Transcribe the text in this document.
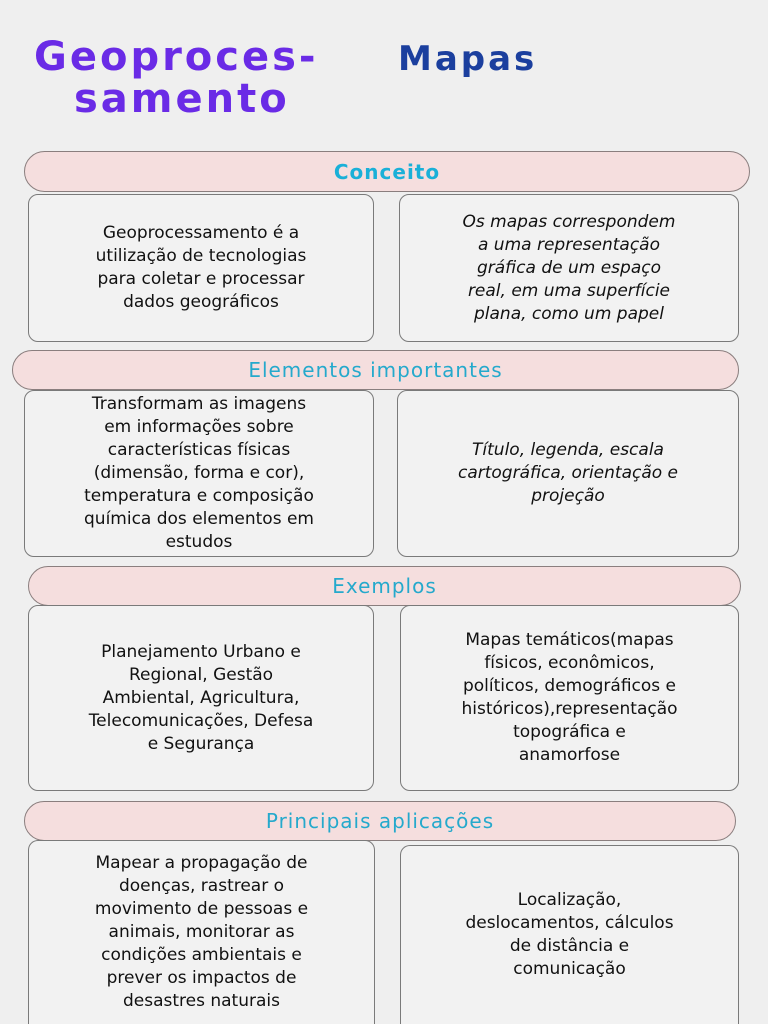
Geoproces-
samento
Mapas
Conceito
Geoprocessamento é a
utilização de tecnologias
para coletar e processar
dados geográficos
Os mapas correspondem
a uma representação
gráfica de um espaço
real, em uma superfície
plana, como um papel
Elementos importantes
Transformam as imagens
em informações sobre
características físicas
(dimensão, forma e cor),
temperatura e composição
química dos elementos em
estudos
Título, legenda, escala
cartográfica, orientação e
projeção
Exemplos
Planejamento Urbano e
Regional, Gestão
Ambiental, Agricultura,
Telecomunicações, Defesa
e Segurança
Mapas temáticos(mapas
físicos, econômicos,
políticos, demográficos e
históricos),representação
topográfica e
anamorfose
Principais aplicações
Mapear a propagação de
doenças, rastrear o
movimento de pessoas e
animais, monitorar as
condições ambientais e
prever os impactos de
desastres naturais
Localização,
deslocamentos, cálculos
de distância e
comunicação
